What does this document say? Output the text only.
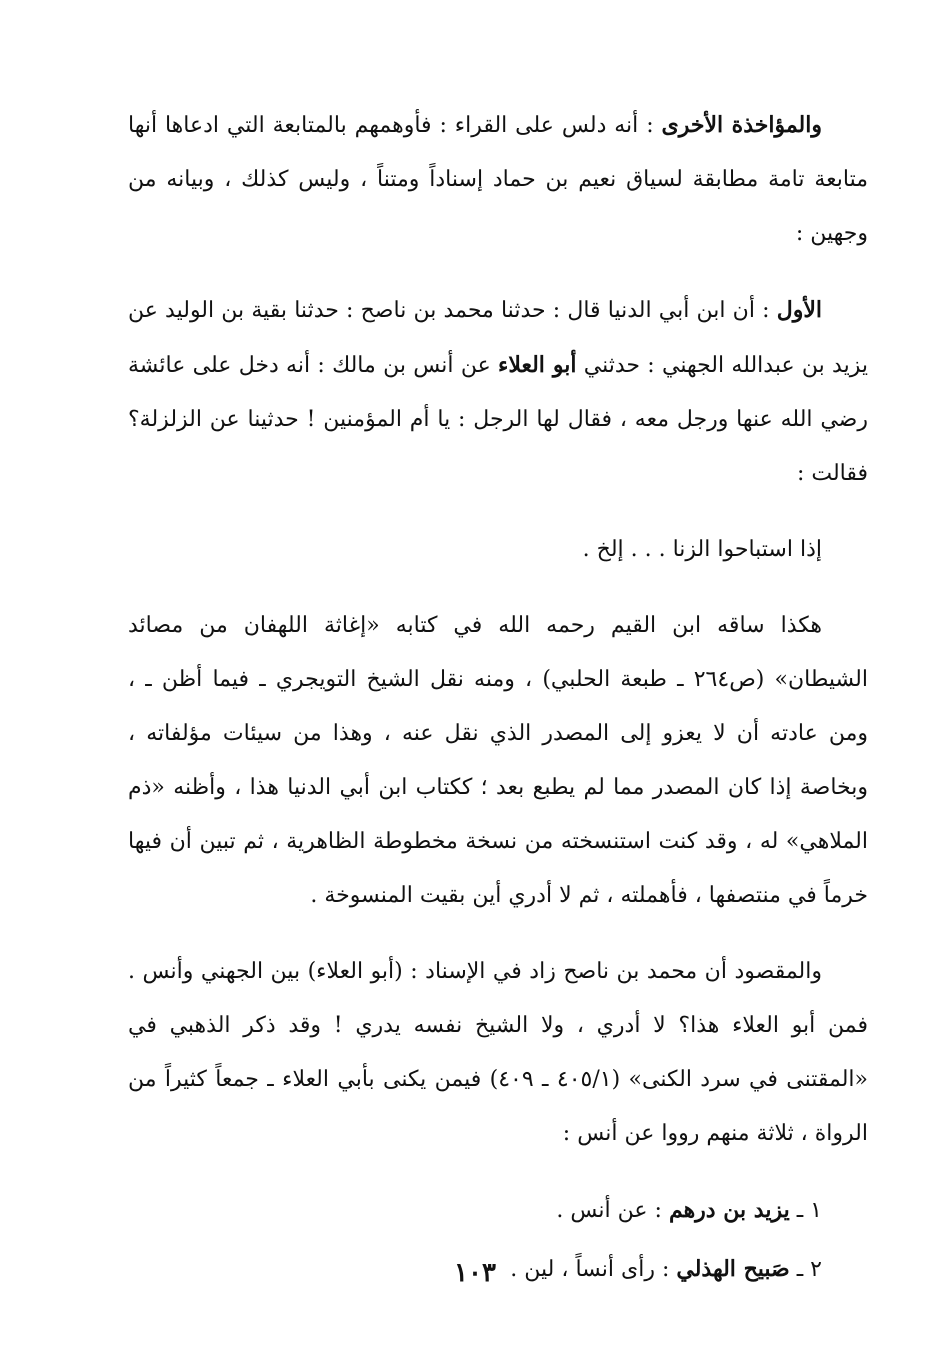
والمؤاخذة الأخرى : أنه دلس على القراء : فأوهمهم بالمتابعة التي ادعاها أنها متابعة تامة مطابقة لسياق نعيم بن حماد إسناداً ومتناً ، وليس كذلك ، وبيانه من وجهين :

الأول : أن ابن أبي الدنيا قال : حدثنا محمد بن ناصح : حدثنا بقية بن الوليد عن يزيد بن عبدالله الجهني : حدثني أبو العلاء عن أنس بن مالك : أنه دخل على عائشة رضي الله عنها ورجل معه ، فقال لها الرجل : يا أم المؤمنين ! حدثينا عن الزلزلة؟ فقالت :

إذا استباحوا الزنا . . . إلخ .

هكذا ساقه ابن القيم رحمه الله في كتابه «إغاثة اللهفان من مصائد الشيطان» (ص٢٦٤ ـ طبعة الحلبي) ، ومنه نقل الشيخ التويجري ـ فيما أظن ـ ، ومن عادته أن لا يعزو إلى المصدر الذي نقل عنه ، وهذا من سيئات مؤلفاته ، وبخاصة إذا كان المصدر مما لم يطبع بعد ؛ ككتاب ابن أبي الدنيا هذا ، وأظنه «ذم الملاهي» له ، وقد كنت استنسخته من نسخة مخطوطة الظاهرية ، ثم تبين أن فيها خرماً في منتصفها ، فأهملته ، ثم لا أدري أين بقيت المنسوخة .

والمقصود أن محمد بن ناصح زاد في الإسناد : (أبو العلاء) بين الجهني وأنس . فمن أبو العلاء هذا؟ لا أدري ، ولا الشيخ نفسه يدري ! وقد ذكر الذهبي في «المقتنى في سرد الكنى» (٤٠٥/١ ـ ٤٠٩) فيمن يكنى بأبي العلاء ـ جمعاً كثيراً من الرواة ، ثلاثة منهم رووا عن أنس :

١ ـ يزيد بن درهم : عن أنس .

٢ ـ صَبيح الهذلي : رأى أنساً ، لين .

١٠٣
